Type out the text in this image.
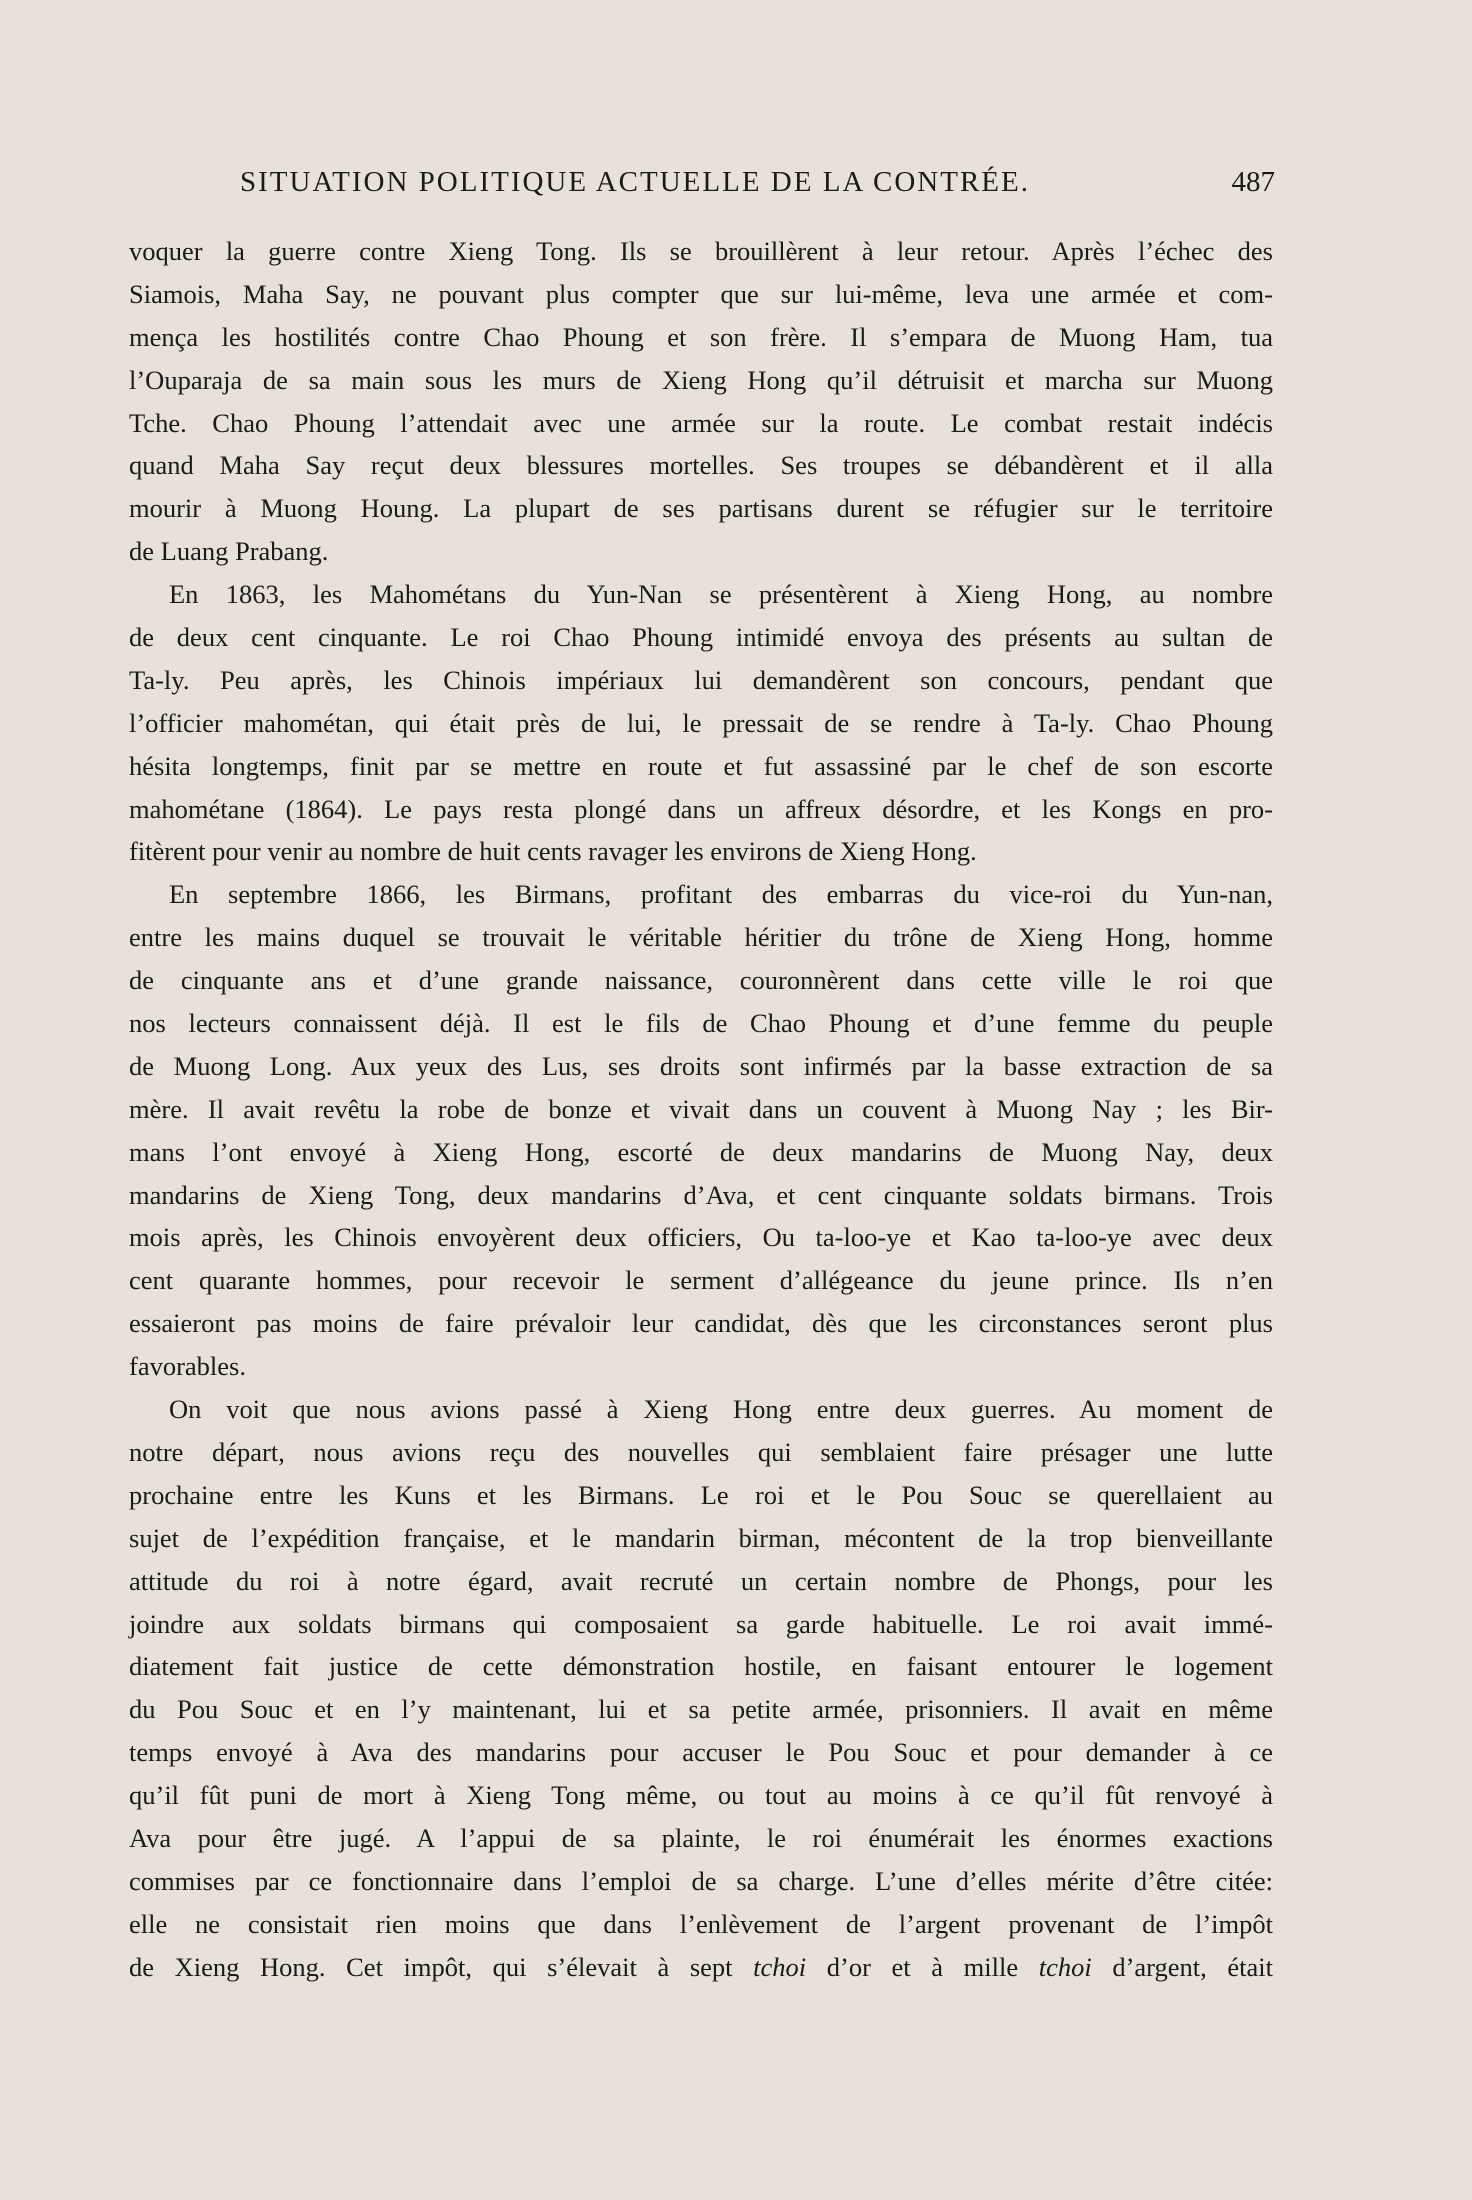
SITUATION POLITIQUE ACTUELLE DE LA CONTRÉE.	487
voquer la guerre contre Xieng Tong. Ils se brouillèrent à leur retour. Après l’échec des
Siamois, Maha Say, ne pouvant plus compter que sur lui-même, leva une armée et com-
mença les hostilités contre Chao Phoung et son frère. Il s’empara de Muong Ham, tua
l’Ouparaja de sa main sous les murs de Xieng Hong qu’il détruisit et marcha sur Muong
Tche. Chao Phoung l’attendait avec une armée sur la route. Le combat restait indécis
quand Maha Say reçut deux blessures mortelles. Ses troupes se débandèrent et il alla
mourir à Muong Houng. La plupart de ses partisans durent se réfugier sur le territoire
de Luang Prabang.
En 1863, les Mahométans du Yun-Nan se présentèrent à Xieng Hong, au nombre
de deux cent cinquante. Le roi Chao Phoung intimidé envoya des présents au sultan de
Ta-ly. Peu après, les Chinois impériaux lui demandèrent son concours, pendant que
l’officier mahométan, qui était près de lui, le pressait de se rendre à Ta-ly. Chao Phoung
hésita longtemps, finit par se mettre en route et fut assassiné par le chef de son escorte
mahométane (1864). Le pays resta plongé dans un affreux désordre, et les Kongs en pro-
fitèrent pour venir au nombre de huit cents ravager les environs de Xieng Hong.
En septembre 1866, les Birmans, profitant des embarras du vice-roi du Yun-nan,
entre les mains duquel se trouvait le véritable héritier du trône de Xieng Hong, homme
de cinquante ans et d’une grande naissance, couronnèrent dans cette ville le roi que
nos lecteurs connaissent déjà. Il est le fils de Chao Phoung et d’une femme du peuple
de Muong Long. Aux yeux des Lus, ses droits sont infirmés par la basse extraction de sa
mère. Il avait revêtu la robe de bonze et vivait dans un couvent à Muong Nay ; les Bir-
mans l’ont envoyé à Xieng Hong, escorté de deux mandarins de Muong Nay, deux
mandarins de Xieng Tong, deux mandarins d’Ava, et cent cinquante soldats birmans. Trois
mois après, les Chinois envoyèrent deux officiers, Ou ta-loo-ye et Kao ta-loo-ye avec deux
cent quarante hommes, pour recevoir le serment d’allégeance du jeune prince. Ils n’en
essaieront pas moins de faire prévaloir leur candidat, dès que les circonstances seront plus
favorables.
On voit que nous avions passé à Xieng Hong entre deux guerres. Au moment de
notre départ, nous avions reçu des nouvelles qui semblaient faire présager une lutte
prochaine entre les Kuns et les Birmans. Le roi et le Pou Souc se querellaient au
sujet de l’expédition française, et le mandarin birman, mécontent de la trop bienveillante
attitude du roi à notre égard, avait recruté un certain nombre de Phongs, pour les
joindre aux soldats birmans qui composaient sa garde habituelle. Le roi avait immé-
diatement fait justice de cette démonstration hostile, en faisant entourer le logement
du Pou Souc et en l’y maintenant, lui et sa petite armée, prisonniers. Il avait en même
temps envoyé à Ava des mandarins pour accuser le Pou Souc et pour demander à ce
qu’il fût puni de mort à Xieng Tong même, ou tout au moins à ce qu’il fût renvoyé à
Ava pour être jugé. A l’appui de sa plainte, le roi énumérait les énormes exactions
commises par ce fonctionnaire dans l’emploi de sa charge. L’une d’elles mérite d’être citée:
elle ne consistait rien moins que dans l’enlèvement de l’argent provenant de l’impôt
de Xieng Hong. Cet impôt, qui s’élevait à sept tchoi d’or et à mille tchoi d’argent, était
